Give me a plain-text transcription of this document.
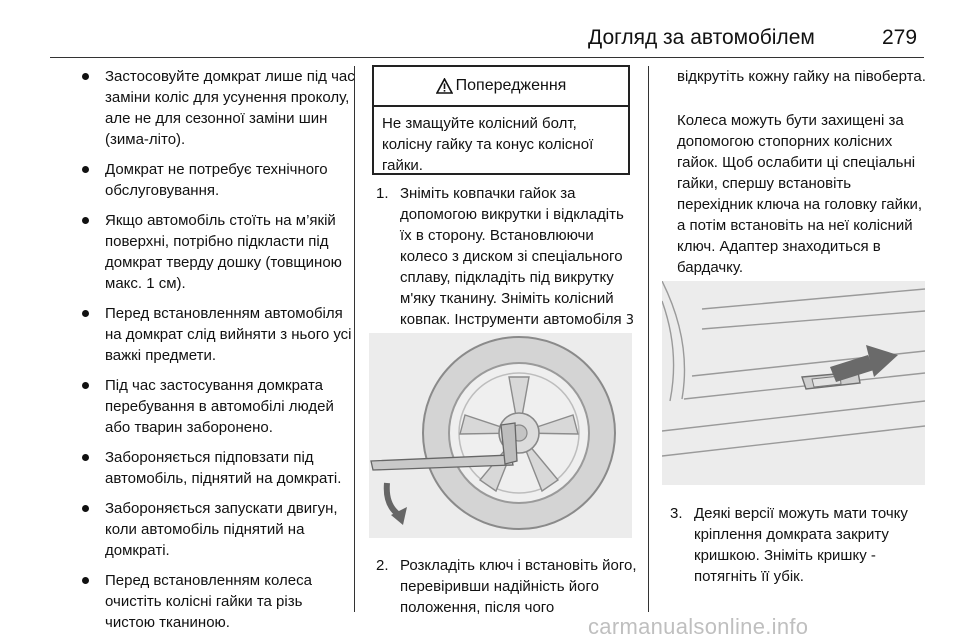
Догляд за автомобілем	279
Застосовуйте домкрат лише під час заміни коліс для усунення проколу, але не для сезонної заміни шин (зима-літо).
Домкрат не потребує технічного обслуговування.
Якщо автомобіль стоїть на м’якій поверхні, потрібно підкласти під домкрат тверду дошку (товщиною макс. 1 см).
Перед встановленням автомобіля на домкрат слід вийняти з нього усі важкі предмети.
Під час застосування домкрата перебування в автомобілі людей або тварин заборонено.
Забороняється підповзати під автомобіль, піднятий на домкраті.
Забороняється запускати двигун, коли автомобіль піднятий на домкраті.
Перед встановленням колеса очистіть колісні гайки та різь чистою тканиною.
Попередження
Не змащуйте колісний болт, колісну гайку та конус колісної гайки.
1. Зніміть ковпачки гайок за допомогою викрутки і відкладіть їх в сторону. Встановлюючи колесо з диском зі спеціального сплаву, підкладіть під викрутку м'яку тканину. Зніміть колісний ковпак. Інструменти автомобіля 3
2. Розкладіть ключ і встановіть його, перевіривши надійність його положення, після чого

відкрутіть кожну гайку на півоберта.

Колеса можуть бути захищені за допомогою стопорних колісних гайок. Щоб ослабити ці спеціальні гайки, спершу встановіть перехідник ключа на головку гайки, а потім встановіть на неї колісний ключ. Адаптер знаходиться в бардачку.

3. Деякі версії можуть мати точку кріплення домкрата закриту кришкою. Зніміть кришку - потягніть її убік.
carmanualsonline.info
